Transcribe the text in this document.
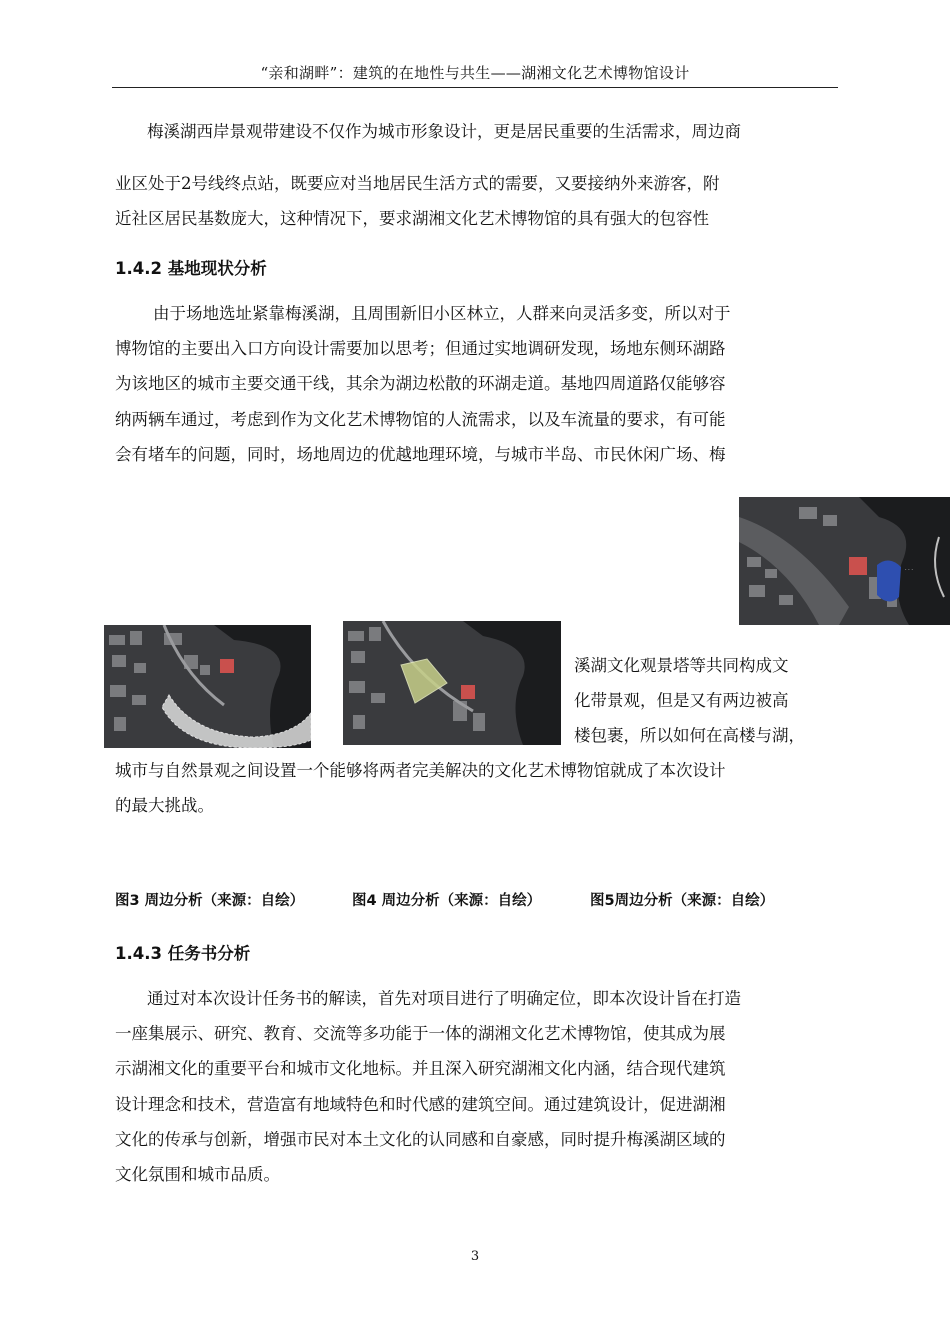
“亲和湖畔”：建筑的在地性与共生——湖湘文化艺术博物馆设计
梅溪湖西岸景观带建设不仅作为城市形象设计，更是居民重要的生活需求，周边商
业区处于2号线终点站，既要应对当地居民生活方式的需要，又要接纳外来游客，附
近社区居民基数庞大，这种情况下，要求湖湘文化艺术博物馆的具有强大的包容性
1.4.2 基地现状分析
由于场地选址紧靠梅溪湖，且周围新旧小区林立，人群来向灵活多变，所以对于
博物馆的主要出入口方向设计需要加以思考；但通过实地调研发现，场地东侧环湖路
为该地区的城市主要交通干线，其余为湖边松散的环湖走道。基地四周道路仅能够容
纳两辆车通过，考虑到作为文化艺术博物馆的人流需求，以及车流量的要求，有可能
会有堵车的问题，同时，场地周边的优越地理环境，与城市半岛、市民休闲广场、梅
· · ·
溪湖文化观景塔等共同构成文
化带景观，但是又有两边被高
楼包裹，所以如何在高楼与湖，
城市与自然景观之间设置一个能够将两者完美解决的文化艺术博物馆就成了本次设计
的最大挑战。
图3 周边分析（来源：自绘）	图4 周边分析（来源：自绘）	图5周边分析（来源：自绘）
1.4.3 任务书分析
通过对本次设计任务书的解读，首先对项目进行了明确定位，即本次设计旨在打造
一座集展示、研究、教育、交流等多功能于一体的湖湘文化艺术博物馆，使其成为展
示湖湘文化的重要平台和城市文化地标。并且深入研究湖湘文化内涵，结合现代建筑
设计理念和技术，营造富有地域特色和时代感的建筑空间。通过建筑设计，促进湖湘
文化的传承与创新，增强市民对本土文化的认同感和自豪感，同时提升梅溪湖区域的
文化氛围和城市品质。
3
